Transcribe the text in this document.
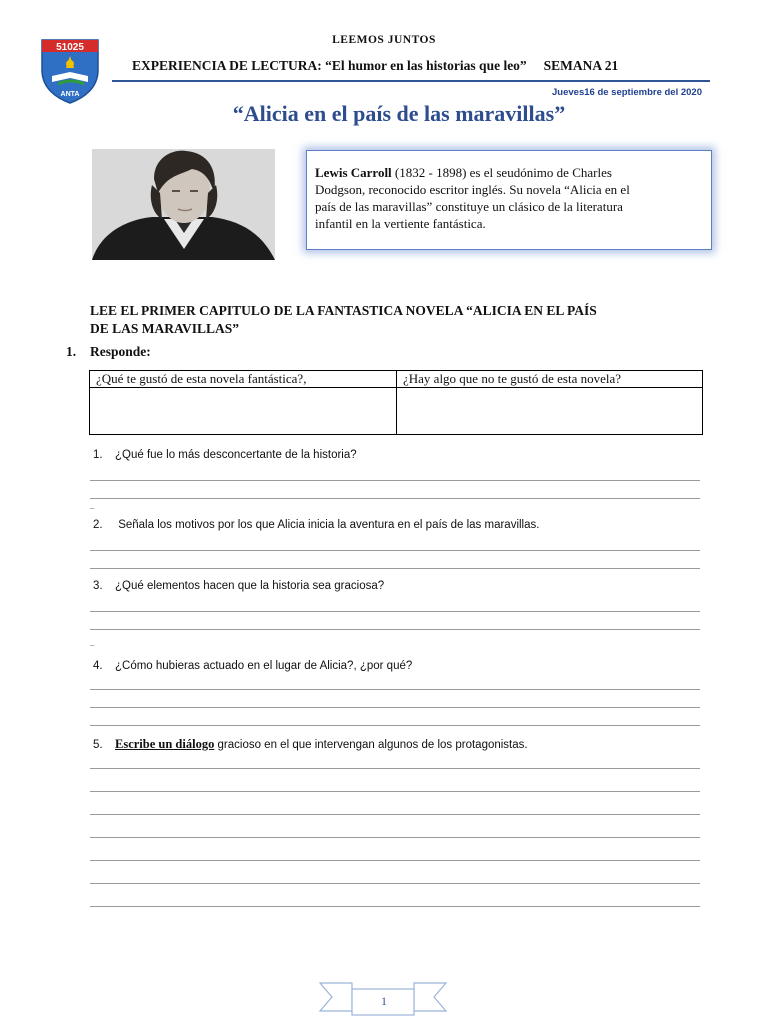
51025
ANTA
LEEMOS JUNTOS
EXPERIENCIA DE LECTURA: “El humor en las historias que leo” SEMANA 21
Jueves16 de septiembre del 2020
“Alicia en el país de las maravillas”
Lewis Carroll (1832 - 1898) es el seudónimo de Charles
Dodgson, reconocido escritor inglés. Su novela “Alicia en el
país de las maravillas” constituye un clásico de la literatura
infantil en la vertiente fantástica.
LEE EL PRIMER CAPITULO DE LA FANTASTICA NOVELA “ALICIA EN EL PAÍS
DE LAS MARAVILLAS”
1. Responde:
¿Qué te gustó de esta novela fantástica?,	¿Hay algo que no te gustó de esta novela?

1. ¿Qué fue lo más desconcertante de la historia?
–
2. Señala los motivos por los que Alicia inicia la aventura en el país de las maravillas.
3. ¿Qué elementos hacen que la historia sea graciosa?
–
4. ¿Cómo hubieras actuado en el lugar de Alicia?, ¿por qué?
5. Escribe un diálogo gracioso en el que intervengan algunos de los protagonistas.
1
